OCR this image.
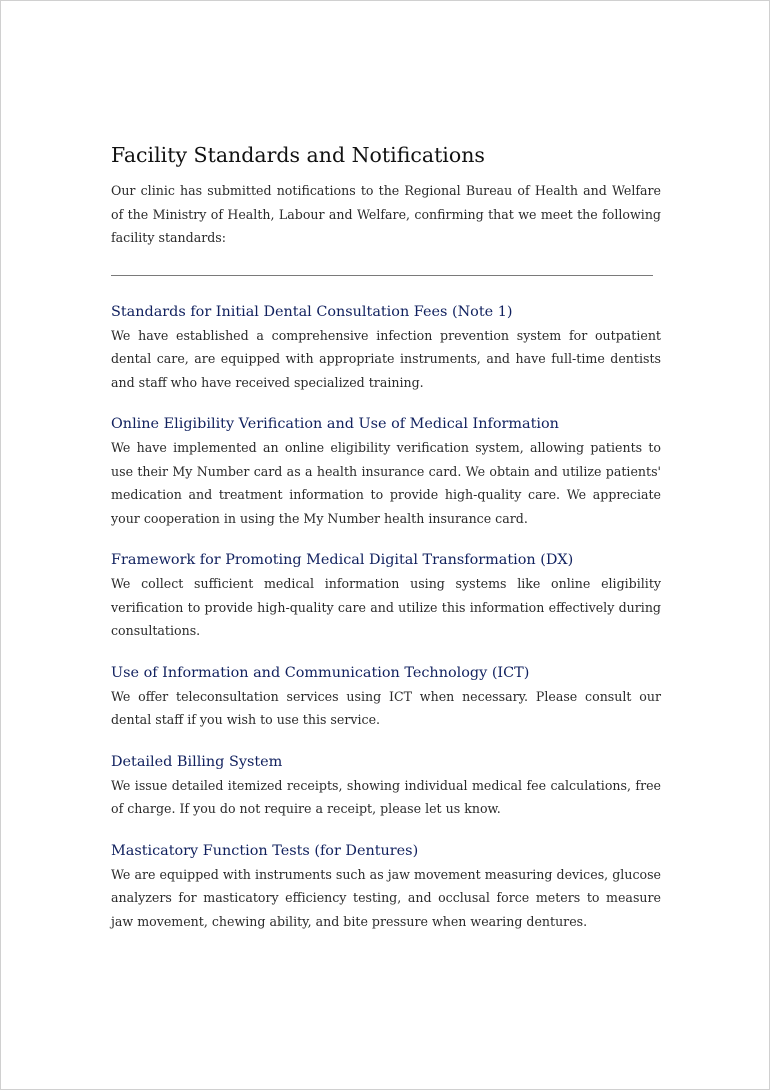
Facility Standards and Notifications

Our clinic has submitted notifications to the Regional Bureau of Health and Welfare of the Ministry of Health, Labour and Welfare, confirming that we meet the following facility standards:

Standards for Initial Dental Consultation Fees (Note 1)

We have established a comprehensive infection prevention system for outpatient dental care, are equipped with appropriate instruments, and have full-time dentists and staff who have received specialized training.

Online Eligibility Verification and Use of Medical Information

We have implemented an online eligibility verification system, allowing patients to use their My Number card as a health insurance card. We obtain and utilize patients' medication and treatment information to provide high-quality care. We appreciate your cooperation in using the My Number health insurance card.

Framework for Promoting Medical Digital Transformation (DX)

We collect sufficient medical information using systems like online eligibility verification to provide high-quality care and utilize this information effectively during consultations.

Use of Information and Communication Technology (ICT)

We offer teleconsultation services using ICT when necessary. Please consult our dental staff if you wish to use this service.

Detailed Billing System

We issue detailed itemized receipts, showing individual medical fee calculations, free of charge. If you do not require a receipt, please let us know.

Masticatory Function Tests (for Dentures)

We are equipped with instruments such as jaw movement measuring devices, glucose analyzers for masticatory efficiency testing, and occlusal force meters to measure jaw movement, chewing ability, and bite pressure when wearing dentures.
